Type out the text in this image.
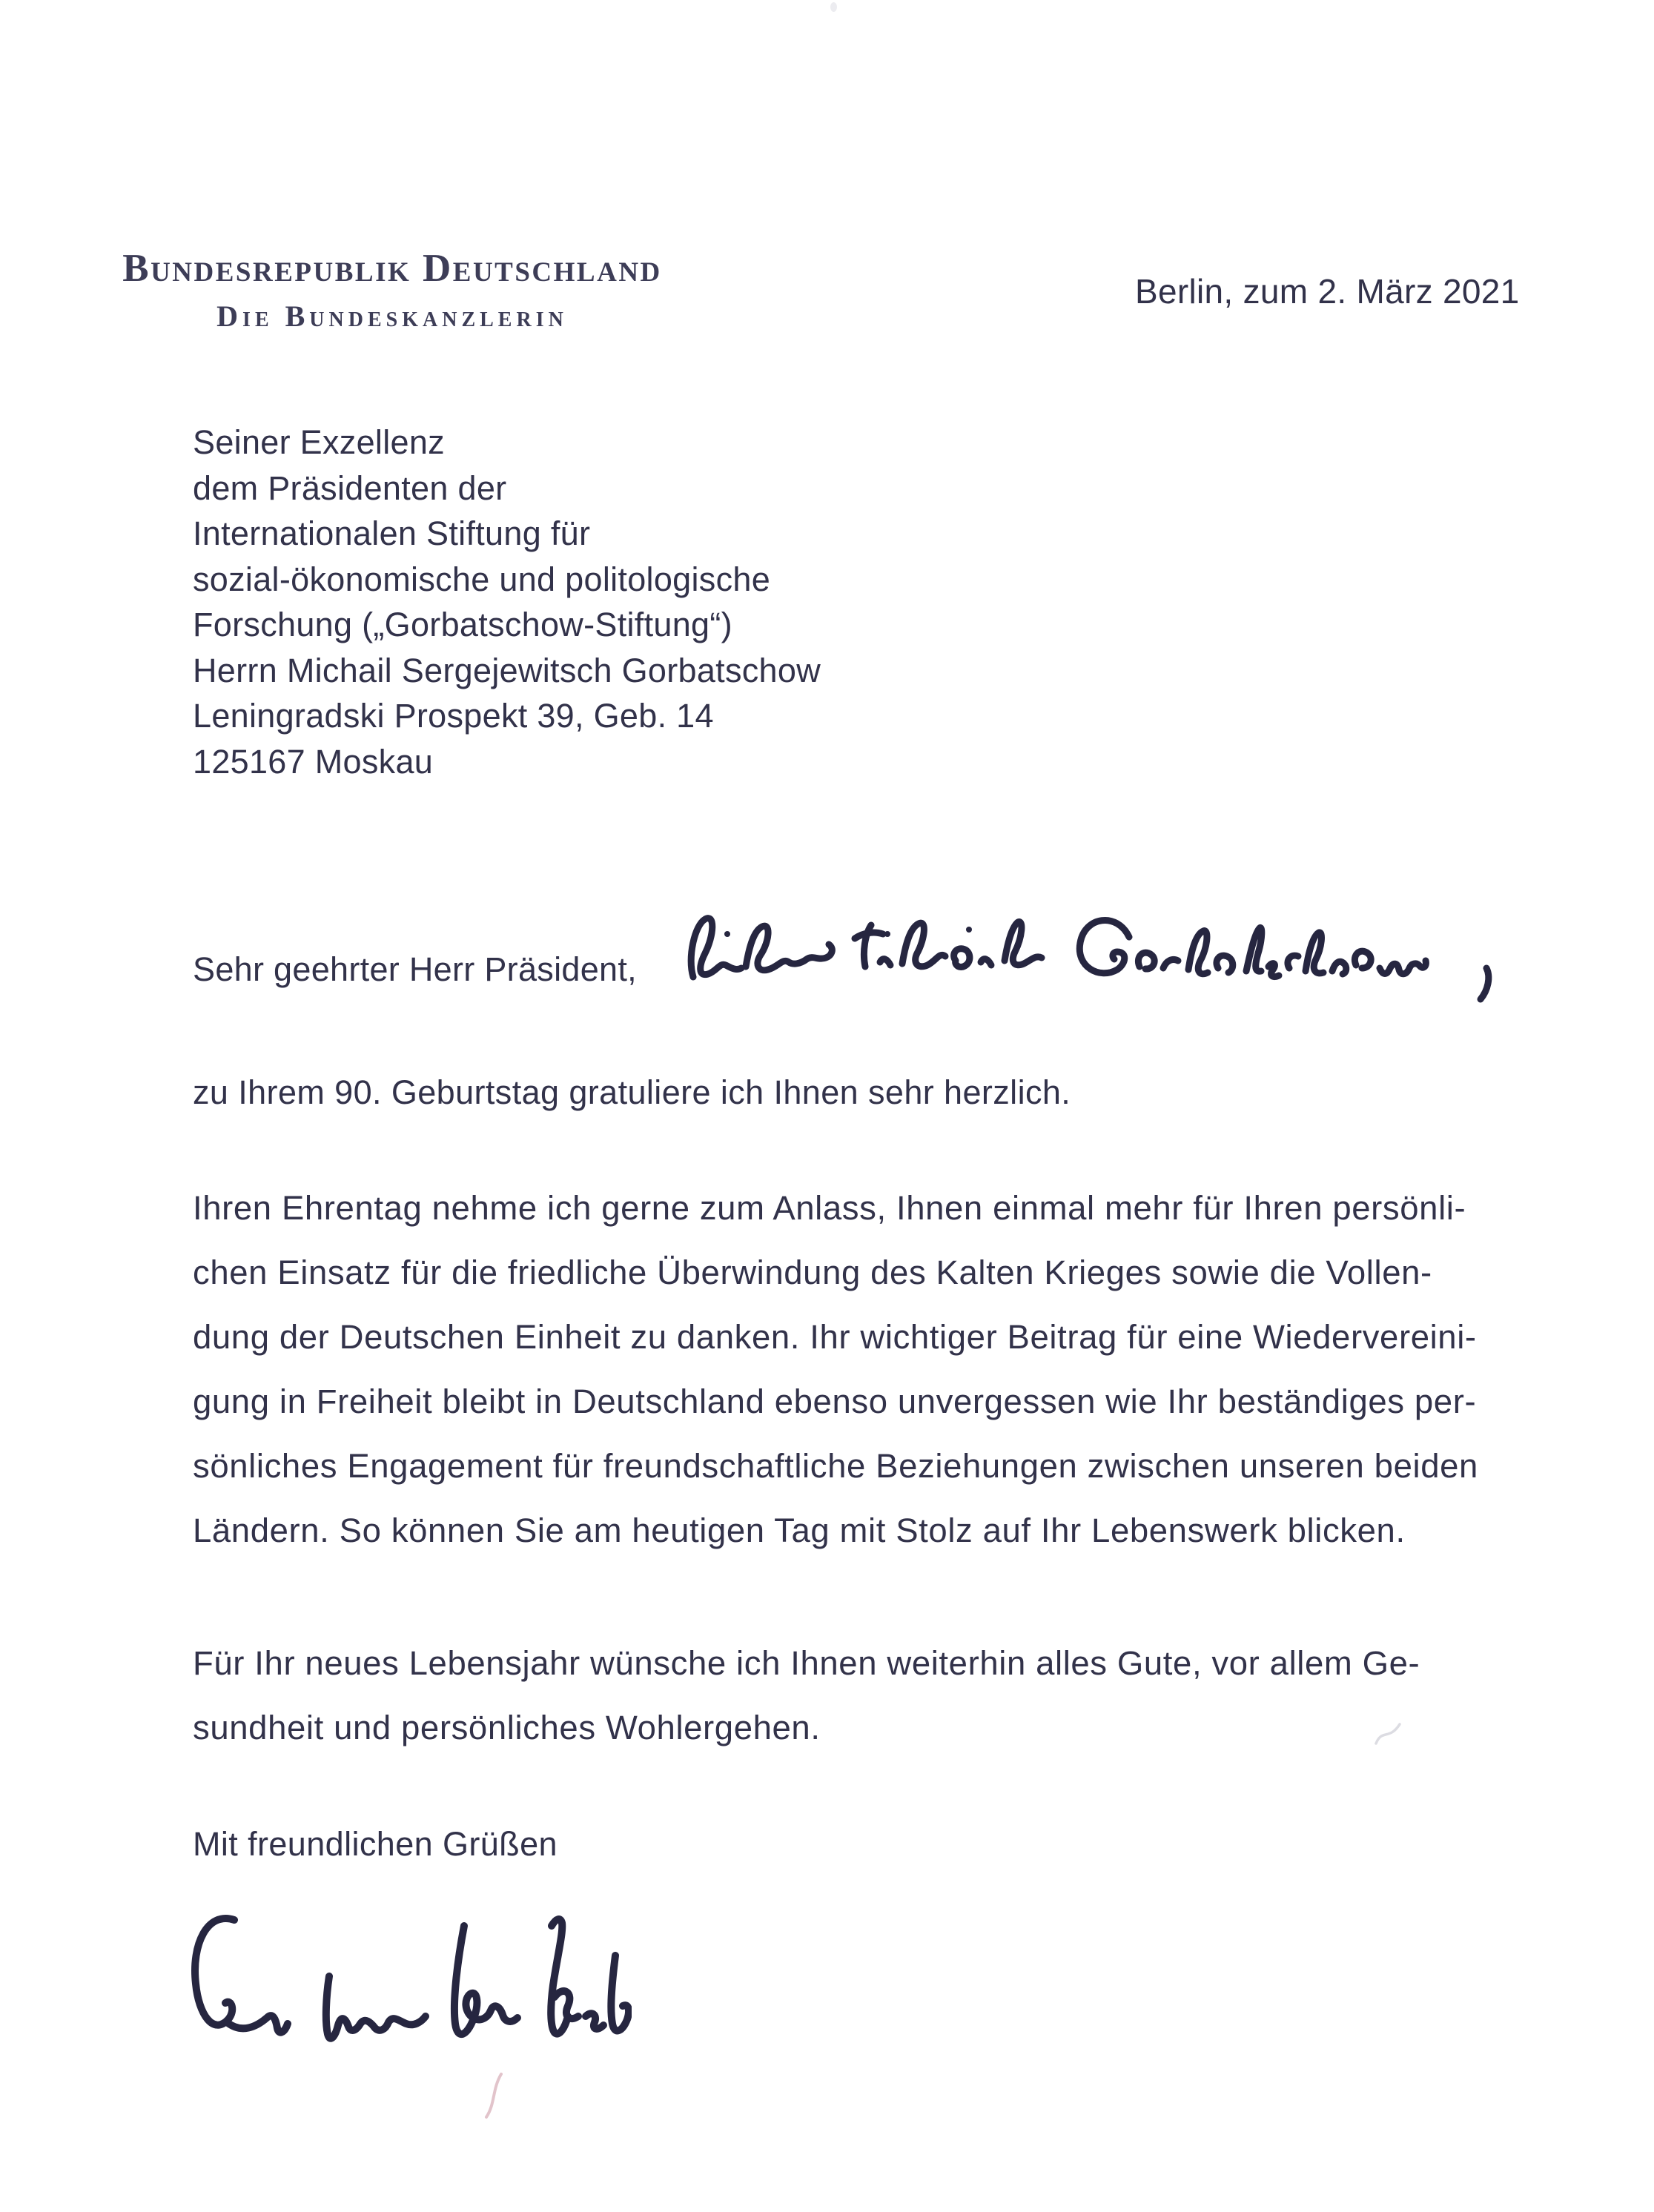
Bundesrepublik Deutschland
Die Bundeskanzlerin
Berlin, zum 2. März 2021
Seiner Exzellenz
dem Präsidenten der
Internationalen Stiftung für
sozial-ökonomische und politologische
Forschung („Gorbatschow-Stiftung“)
Herrn Michail Sergejewitsch Gorbatschow
Leningradski Prospekt 39, Geb. 14
125167 Moskau
Sehr geehrter Herr Präsident,
zu Ihrem 90. Geburtstag gratuliere ich Ihnen sehr herzlich.
Ihren Ehrentag nehme ich gerne zum Anlass, Ihnen einmal mehr für Ihren persönli-
chen Einsatz für die friedliche Überwindung des Kalten Krieges sowie die Vollen-
dung der Deutschen Einheit zu danken. Ihr wichtiger Beitrag für eine Wiedervereini-
gung in Freiheit bleibt in Deutschland ebenso unvergessen wie Ihr beständiges per-
sönliches Engagement für freundschaftliche Beziehungen zwischen unseren beiden
Ländern. So können Sie am heutigen Tag mit Stolz auf Ihr Lebenswerk blicken.
Für Ihr neues Lebensjahr wünsche ich Ihnen weiterhin alles Gute, vor allem Ge-
sundheit und persönliches Wohlergehen.
Mit freundlichen Grüßen
